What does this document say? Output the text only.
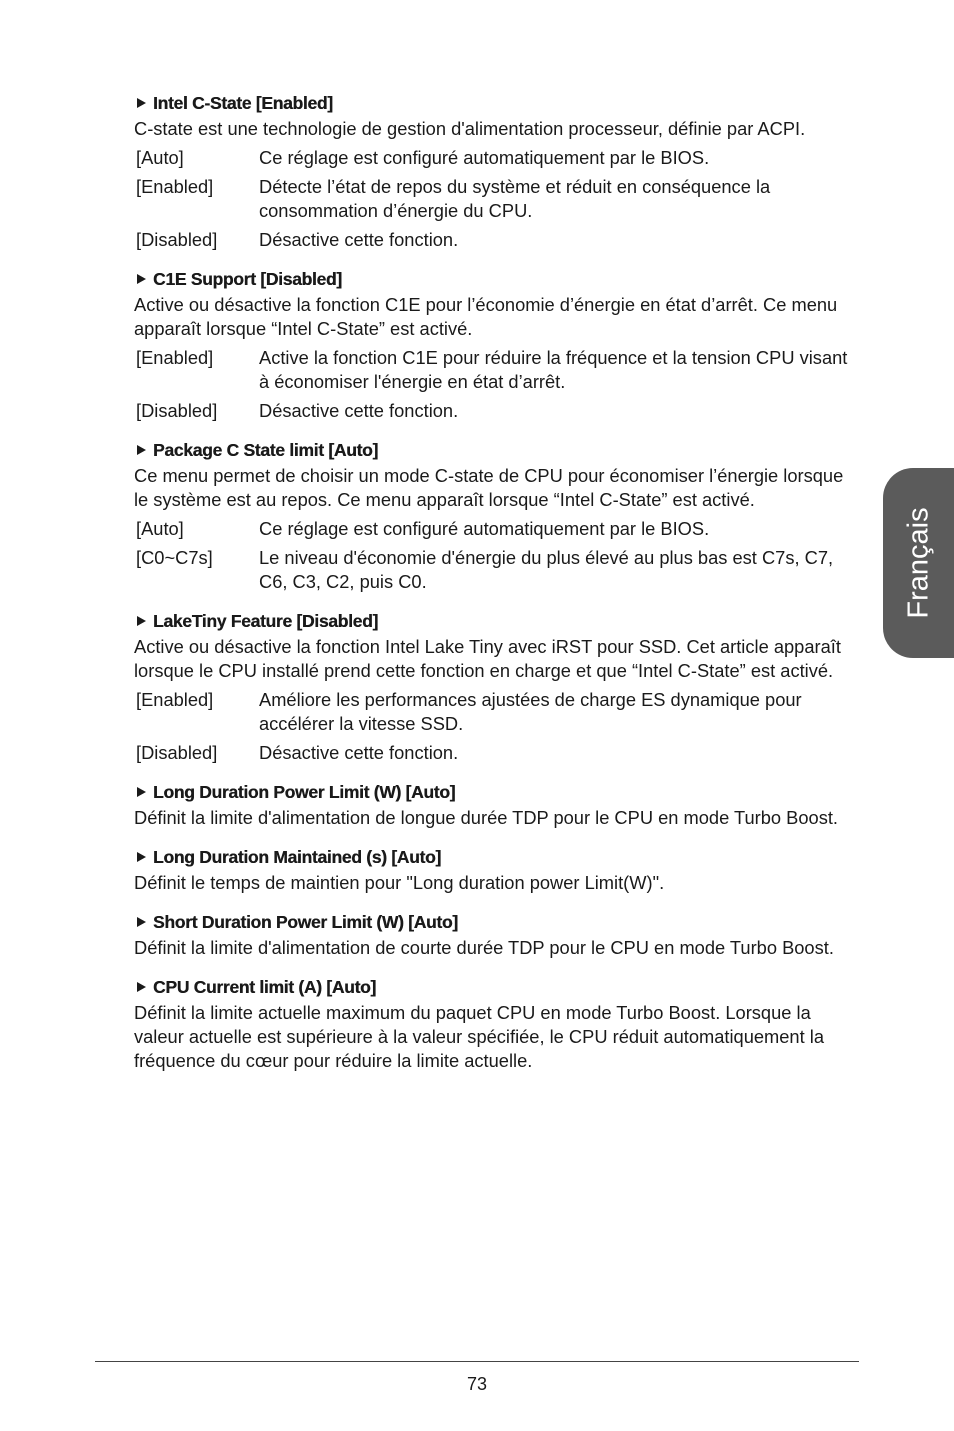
Intel C-State [Enabled]

C-state est une technologie de gestion d'alimentation processeur, définie par ACPI.

[Auto]	Ce réglage est configuré automatiquement par le BIOS.
[Enabled]	Détecte l’état de repos du système et réduit en conséquence la consommation d’énergie du CPU.
[Disabled]	Désactive cette fonction.
C1E Support [Disabled]

Active ou désactive la fonction C1E pour l’économie d’énergie en état d’arrêt. Ce menu apparaît lorsque “Intel C-State” est activé.

[Enabled]	Active la fonction C1E pour réduire la fréquence et la tension CPU visant à économiser l'énergie en état d’arrêt.
[Disabled]	Désactive cette fonction.
Package C State limit [Auto]

Ce menu permet de choisir un mode C-state de CPU pour économiser l’énergie lorsque le système est au repos. Ce menu apparaît lorsque “Intel C-State” est activé.

[Auto]	Ce réglage est configuré automatiquement par le BIOS.
[C0~C7s]	Le niveau d'économie d'énergie du plus élevé au plus bas est C7s, C7, C6, C3, C2, puis C0.
LakeTiny Feature [Disabled]

Active ou désactive la fonction Intel Lake Tiny avec iRST pour SSD. Cet article apparaît lorsque le CPU installé prend cette fonction en charge et que “Intel C-State” est activé.

[Enabled]	Améliore les performances ajustées de charge ES dynamique pour accélérer la vitesse SSD.
[Disabled]	Désactive cette fonction.
Long Duration Power Limit (W) [Auto]

Définit la limite d'alimentation de longue durée TDP pour le CPU en mode Turbo Boost.

Long Duration Maintained (s) [Auto]

Définit le temps de maintien pour "Long duration power Limit(W)".

Short Duration Power Limit (W) [Auto]

Définit la limite d'alimentation de courte durée TDP pour le CPU en mode Turbo Boost.

CPU Current limit (A) [Auto]

Définit la limite actuelle maximum du paquet CPU en mode Turbo Boost. Lorsque la valeur actuelle est supérieure à la valeur spécifiée, le CPU réduit automatiquement la fréquence du cœur pour réduire la limite actuelle.

Français
73
